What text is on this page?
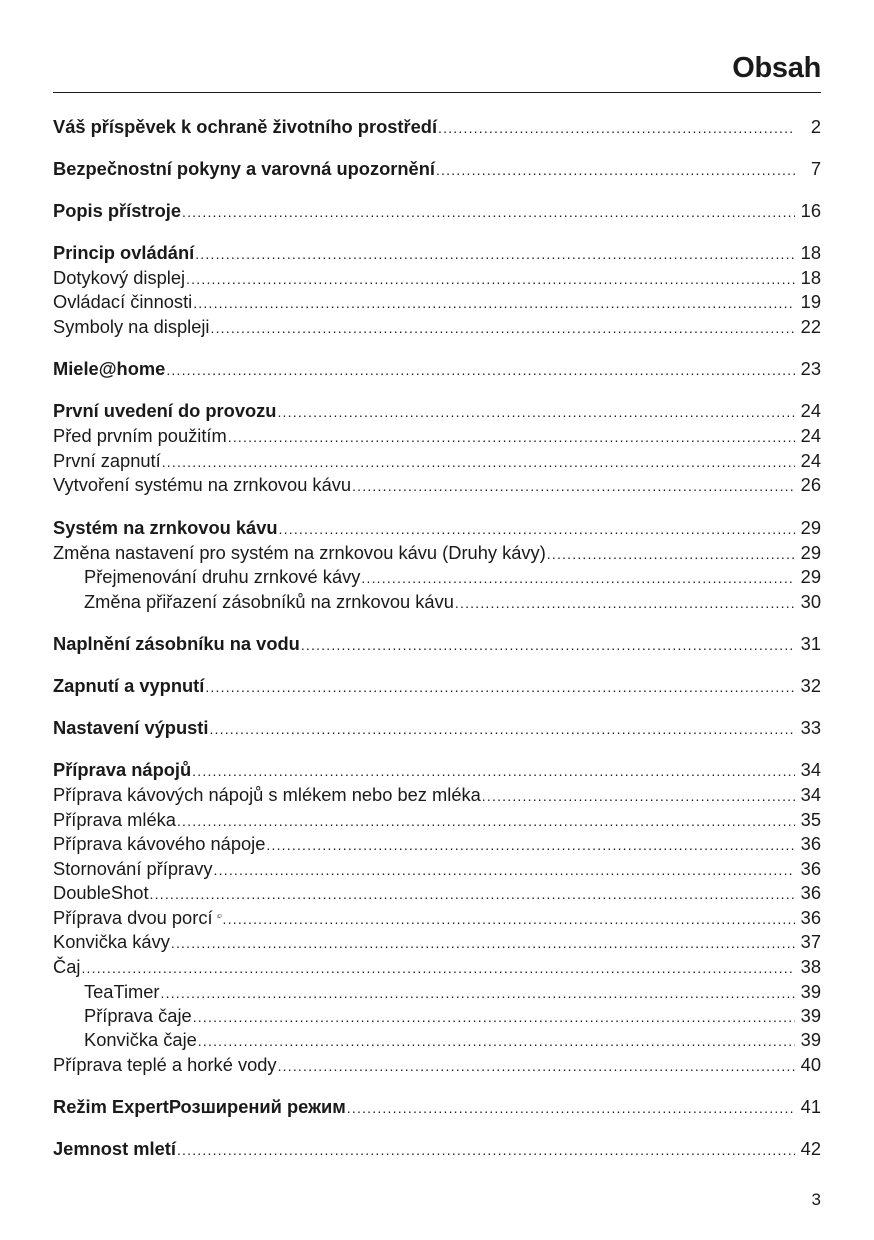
Obsah
Váš příspěvek k ochraně životního prostředí .....	2
Bezpečnostní pokyny a varovná upozornění .....	7
Popis přístroje .....	16
Princip ovládání .....	18
Dotykový displej .....	18
Ovládací činnosti .....	19
Symboly na displeji .....	22
Miele@home .....	23
První uvedení do provozu .....	24
Před prvním použitím .....	24
První zapnutí .....	24
Vytvoření systému na zrnkovou kávu .....	26
Systém na zrnkovou kávu .....	29
Změna nastavení pro systém na zrnkovou kávu (Druhy kávy) .....	29
Přejmenování druhu zrnkové kávy .....	29
Změna přiřazení zásobníků na zrnkovou kávu .....	30
Naplnění zásobníku na vodu .....	31
Zapnutí a vypnutí .....	32
Nastavení výpusti .....	33
Příprava nápojů .....	34
Příprava kávových nápojů s mlékem nebo bez mléka .....	34
Příprava mléka .....	35
Příprava kávového nápoje .....	36
Stornování přípravy .....	36
DoubleShot .....	36
Příprava dvou porcí .....	36
Konvička kávy .....	37
Čaj .....	38
TeaTimer .....	39
Příprava čaje .....	39
Konvička čaje .....	39
Příprava teplé a horké vody .....	40
Režim ExpertРозширений режим .....	41
Jemnost mletí .....	42

3
